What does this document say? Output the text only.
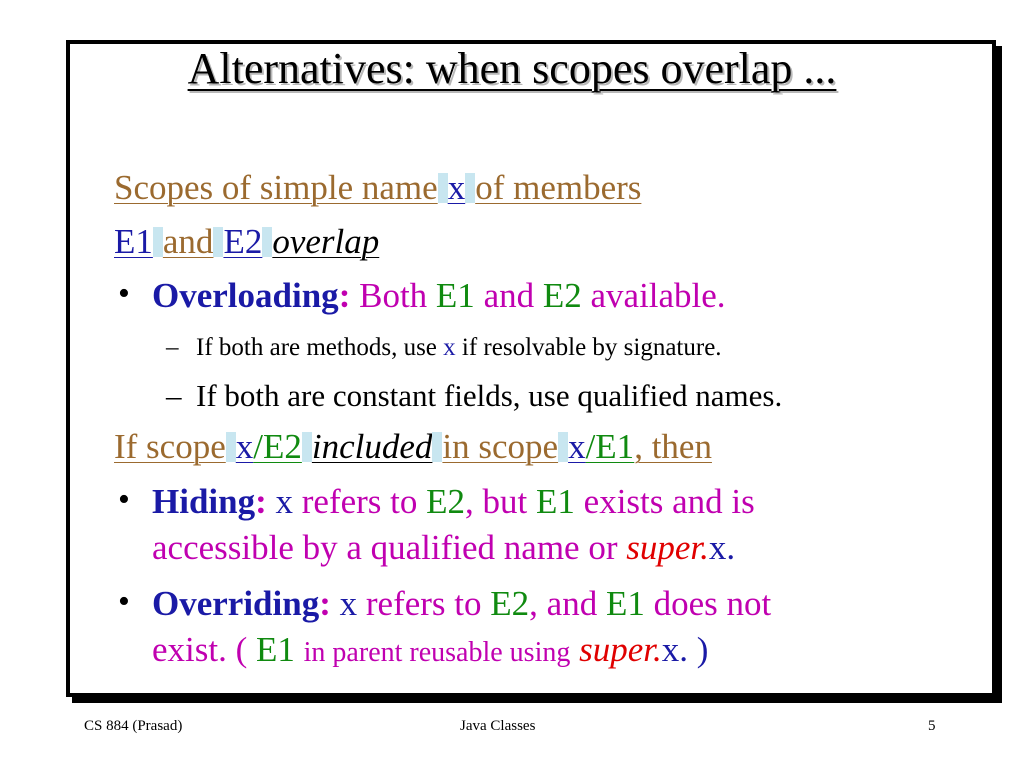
Alternatives: when scopes overlap ...
Scopes of simple name x of members
E1 and E2 overlap
• Overloading: Both E1 and E2 available.
– If both are methods, use x if resolvable by signature.
– If both are constant fields, use qualified names.
If scope x/E2 included in scope x/E1, then
• Hiding: x refers to E2, but E1 exists and is
accessible by a qualified name or super.x.
• Overriding: x refers to E2, and E1 does not
exist. ( E1 in parent reusable using super.x. )
CS 884 (Prasad)	Java Classes	5
